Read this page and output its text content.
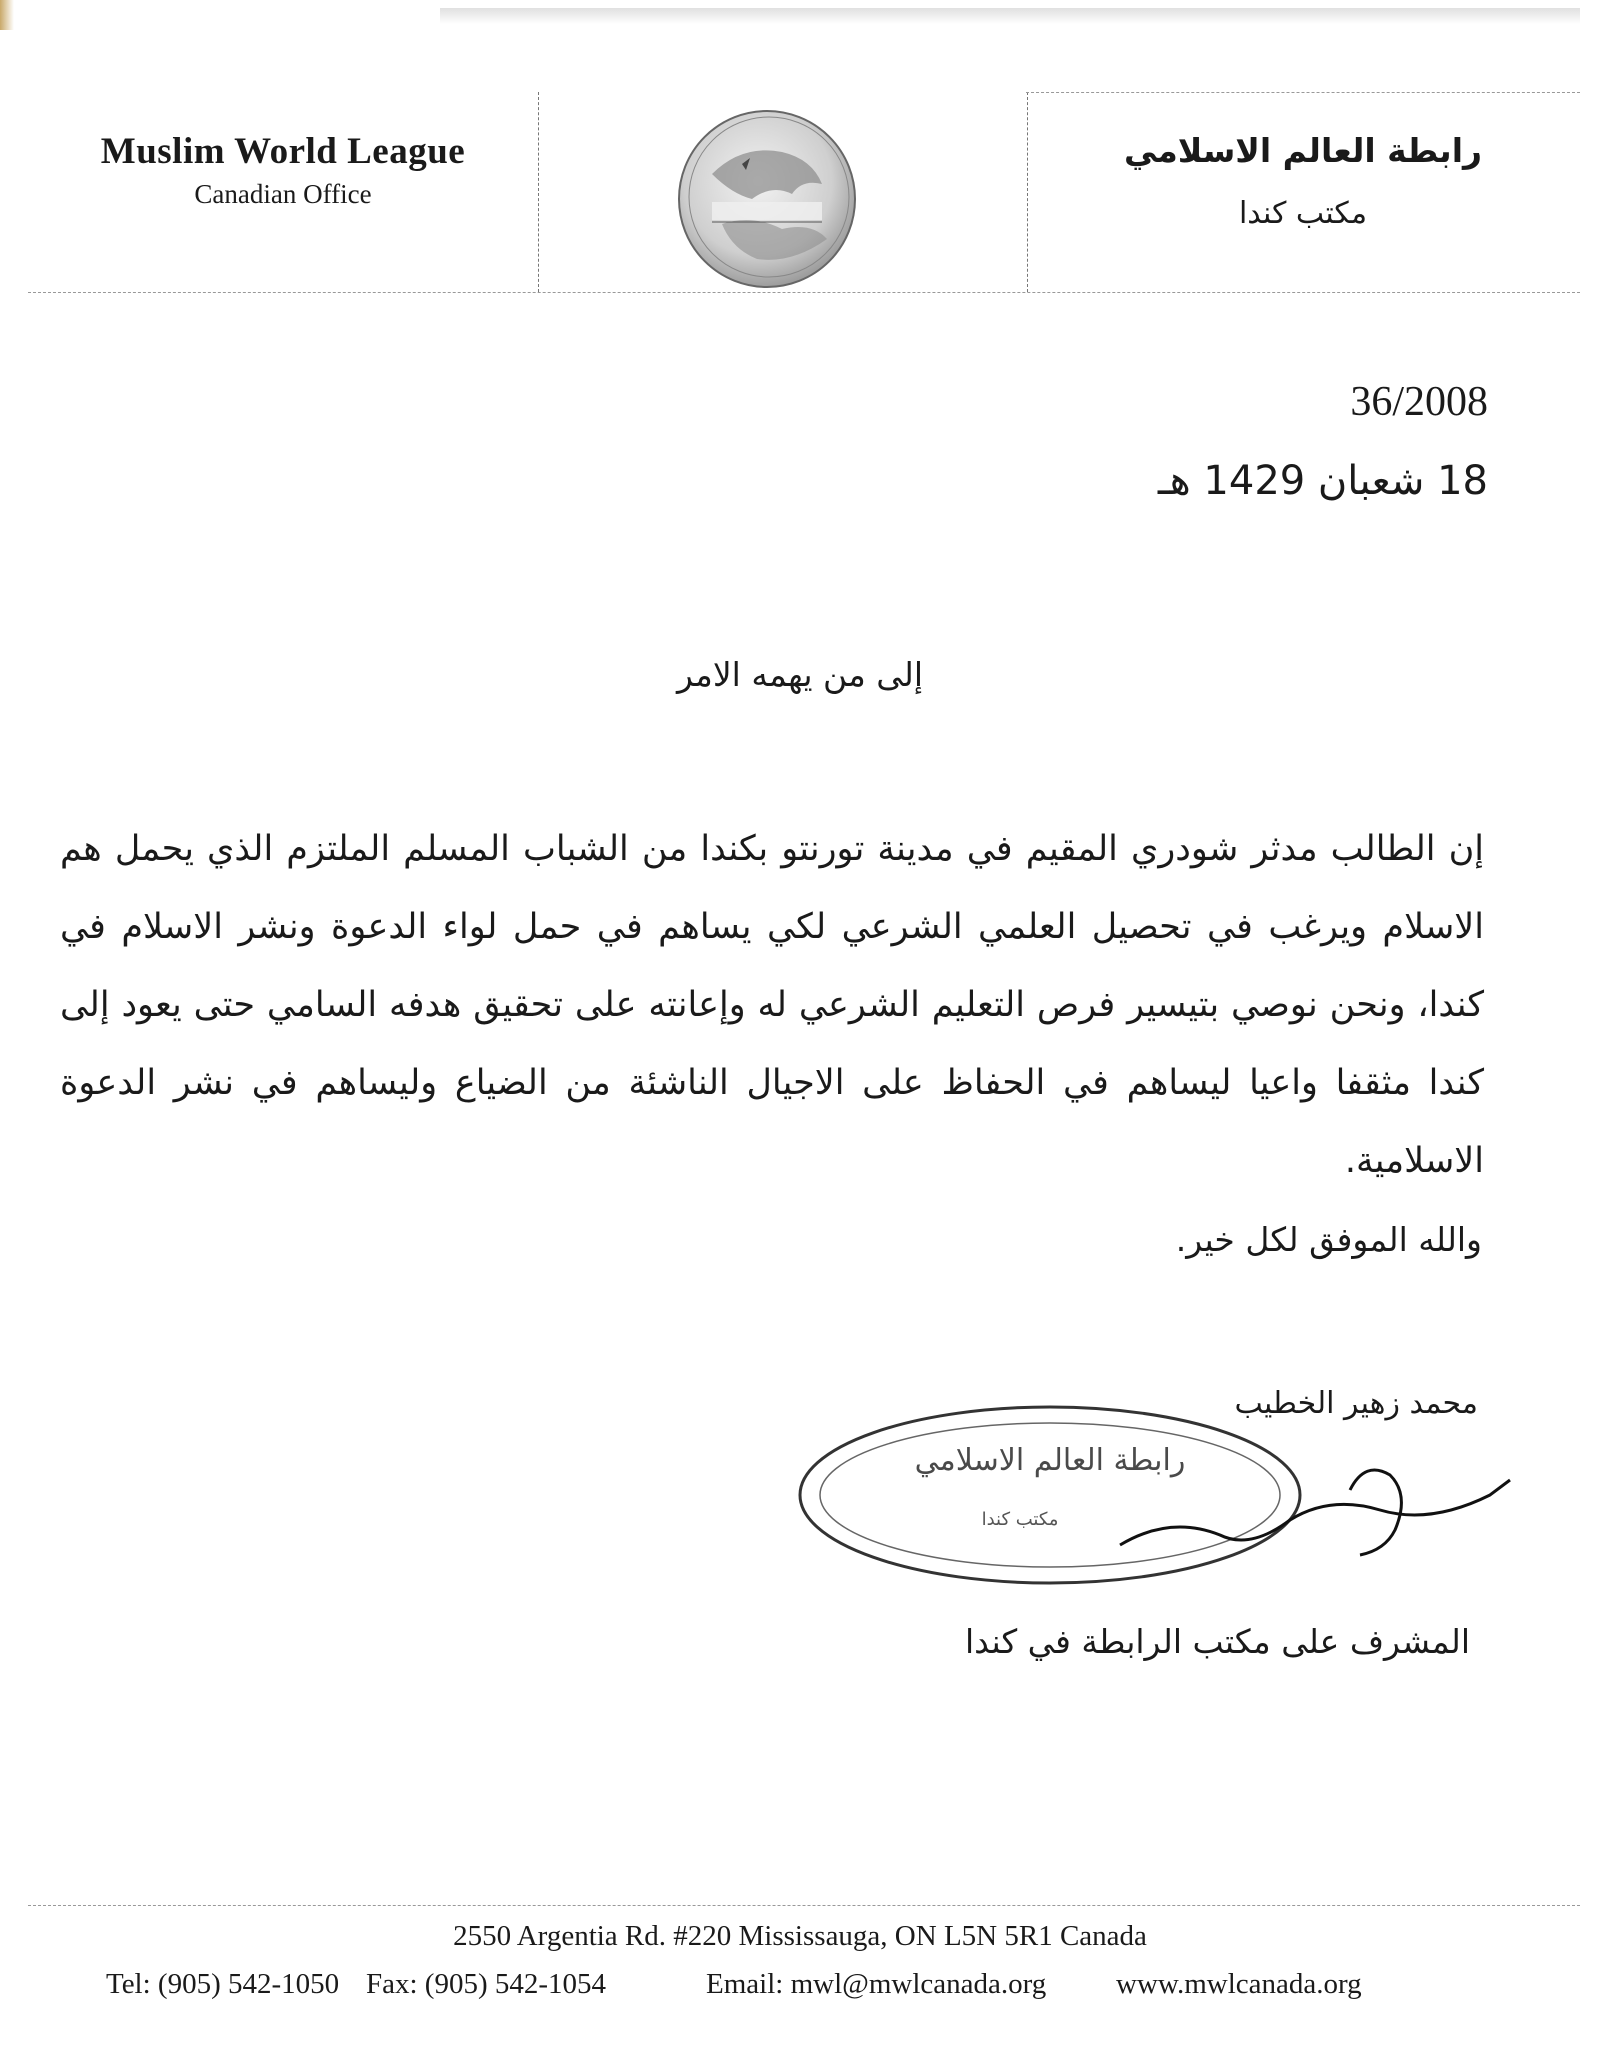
Muslim World League
Canadian Office
رابطة العالم الاسلامي
مكتب كندا
36/2008
18 شعبان 1429 هـ
إلى من يهمه الامر

إن الطالب مدثر شودري المقيم في مدينة تورنتو بكندا من الشباب المسلم الملتزم الذي يحمل هم الاسلام ويرغب في تحصيل العلمي الشرعي لكي يساهم في حمل لواء الدعوة ونشر الاسلام في كندا، ونحن نوصي بتيسير فرص التعليم الشرعي له وإعانته على تحقيق هدفه السامي حتى يعود إلى كندا مثقفا واعيا ليساهم في الحفاظ على الاجيال الناشئة من الضياع وليساهم في نشر الدعوة الاسلامية.

والله الموفق لكل خير.
محمد زهير الخطيب
رابطة العالم الاسلامي
مكتب كندا
المشرف على مكتب الرابطة في كندا
2550 Argentia Rd. #220 Mississauga, ON L5N 5R1 Canada
Tel: (905) 542-1050 Fax: (905) 542-1054	Email: mwl@mwlcanada.org www.mwlcanada.org
